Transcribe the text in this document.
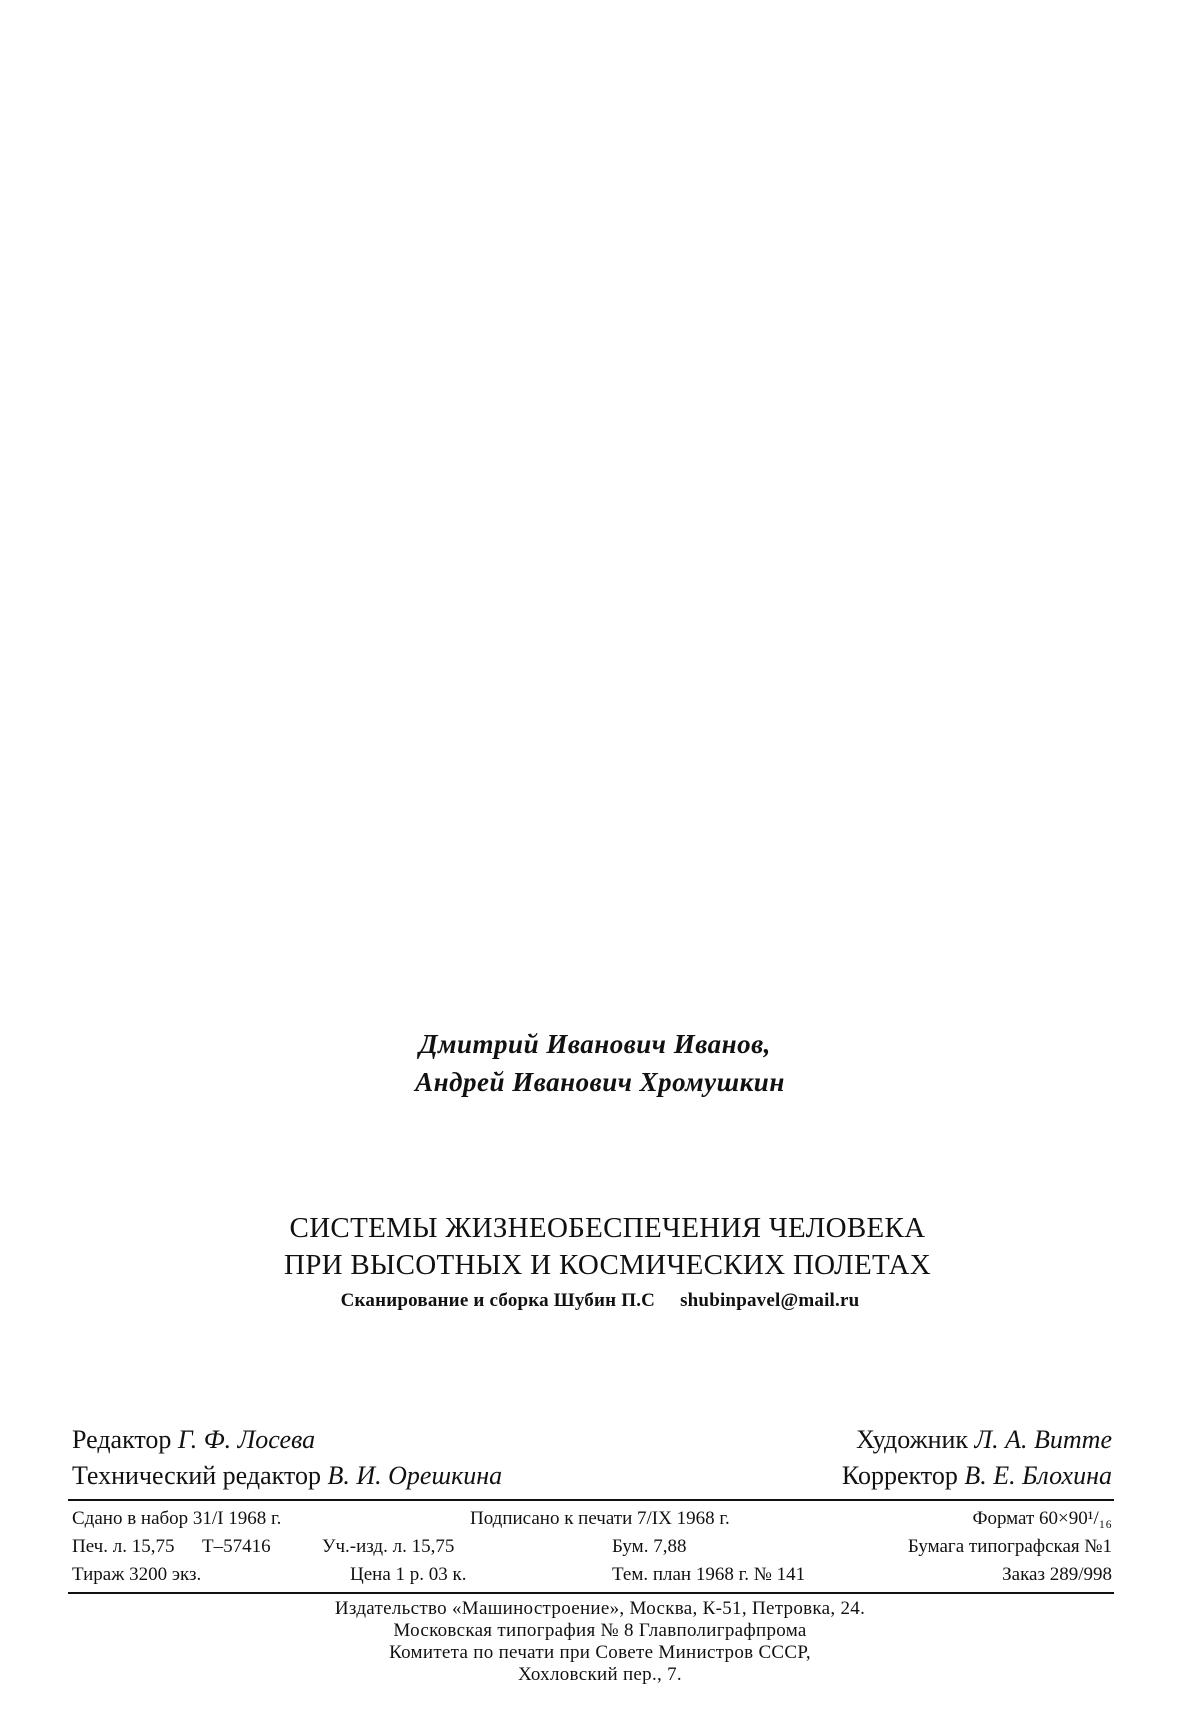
Дмитрий Иванович Иванов,
Андрей Иванович Хромушкин
СИСТЕМЫ ЖИЗНЕОБЕСПЕЧЕНИЯ ЧЕЛОВЕКА
ПРИ ВЫСОТНЫХ И КОСМИЧЕСКИХ ПОЛЕТАХ
Сканирование и сборка Шубин П.С shubinpavel@mail.ru
Редактор Г. Ф. Лосева	Художник Л. А. Витте
Технический редактор В. И. Орешкина	Корректор В. Е. Блохина
Сдано в набор 31/I 1968 г.	Подписано к печати 7/IX 1968 г.	Формат 60×90¹/₁₆
Печ. л. 15,75 Т–57416	Уч.-изд. л. 15,75	Бум. 7,88	Бумага типографская №1
Тираж 3200 экз.	Цена 1 р. 03 к.	Тем. план 1968 г. № 141	Заказ 289/998
Издательство «Машиностроение», Москва, К-51, Петровка, 24.
Московская типография № 8 Главполиграфпрома
Комитета по печати при Совете Министров СССР,
Хохловский пер., 7.
